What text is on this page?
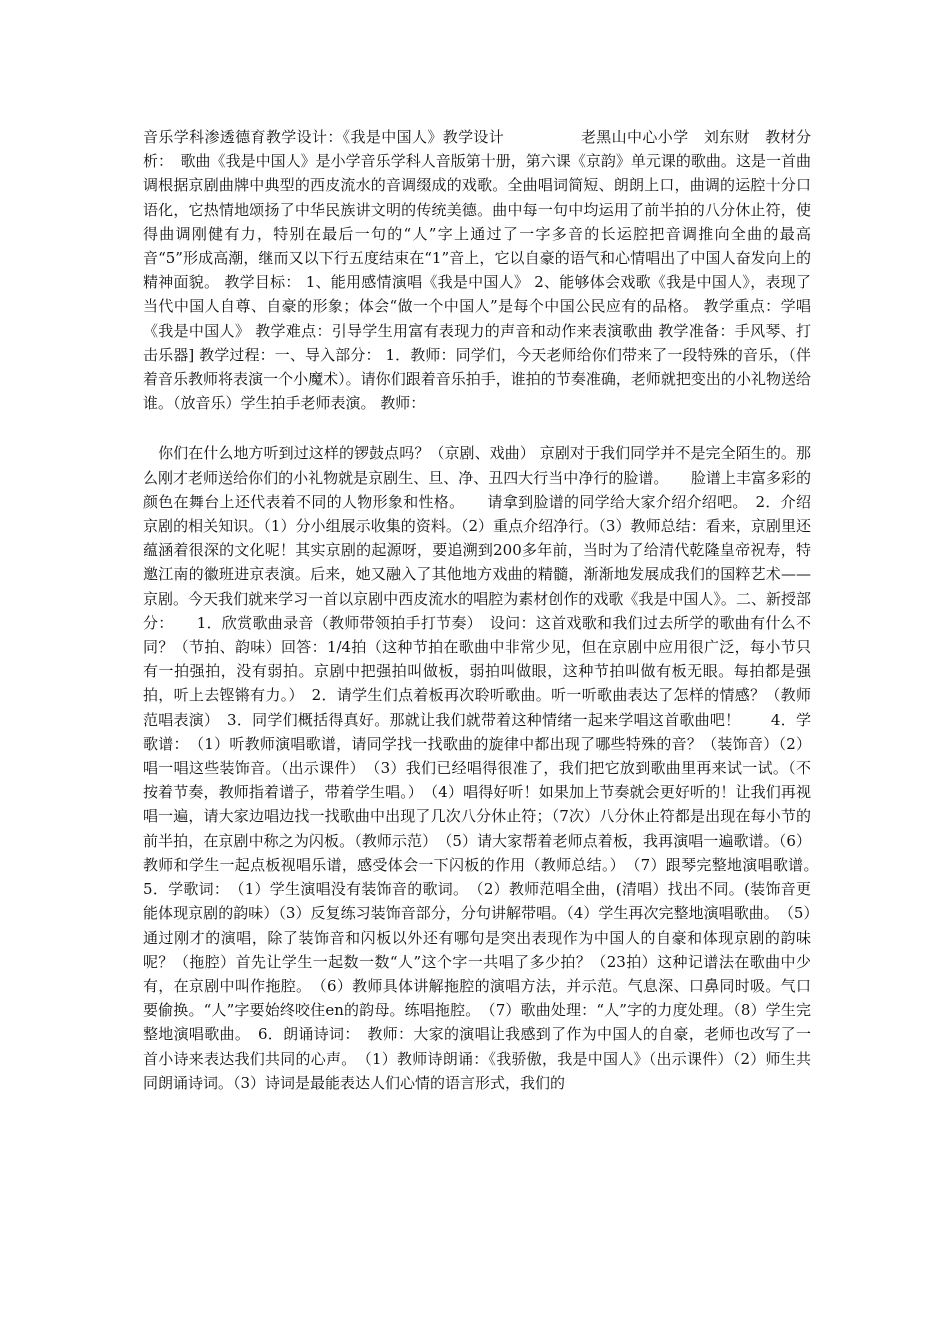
音乐学科渗透德育教学设计：《我是中国人》教学设计　　　　　老黑山中心小学　刘东财　教材分析：　歌曲《我是中国人》是小学音乐学科人音版第十册，第六课《京韵》单元课的歌曲。这是一首曲调根据京剧曲牌中典型的西皮流水的音调缀成的戏歌。全曲唱词简短、朗朗上口，曲调的运腔十分口语化，它热情地颂扬了中华民族讲文明的传统美德。曲中每一句中均运用了前半拍的八分休止符，使得曲调刚健有力，特别在最后一句的“人”字上通过了一字多音的长运腔把音调推向全曲的最高音“5”形成高潮，继而又以下行五度结束在“1”音上，它以自豪的语气和心情唱出了中国人奋发向上的精神面貌。 教学目标： 1、能用感情演唱《我是中国人》 2、能够体会戏歌《我是中国人》，表现了当代中国人自尊、自豪的形象；体会“做一个中国人”是每个中国公民应有的品格。 教学重点：学唱《我是中国人》 教学难点：引导学生用富有表现力的声音和动作来表演歌曲 教学准备：手风琴、打击乐器] 教学过程：一、导入部分： 1．教师：同学们，今天老师给你们带来了一段特殊的音乐，（伴着音乐教师将表演一个小魔术）。请你们跟着音乐拍手，谁拍的节奏准确，老师就把变出的小礼物送给谁。（放音乐）学生拍手老师表演。 教师：

　你们在什么地方听到过这样的锣鼓点吗？（京剧、戏曲） 京剧对于我们同学并不是完全陌生的。那么刚才老师送给你们的小礼物就是京剧生、旦、净、丑四大行当中净行的脸谱。　　脸谱上丰富多彩的颜色在舞台上还代表着不同的人物形象和性格。　　请拿到脸谱的同学给大家介绍介绍吧。　2．介绍京剧的相关知识。（1）分小组展示收集的资料。（2）重点介绍净行。（3）教师总结：看来，京剧里还蕴涵着很深的文化呢！其实京剧的起源呀，要追溯到200多年前，当时为了给清代乾隆皇帝祝寿，特邀江南的徽班进京表演。后来，她又融入了其他地方戏曲的精髓，渐渐地发展成我们的国粹艺术——京剧。今天我们就来学习一首以京剧中西皮流水的唱腔为素材创作的戏歌《我是中国人》。二、新授部分：　　1．欣赏歌曲录音（教师带领拍手打节奏）　设问：这首戏歌和我们过去所学的歌曲有什么不同？（节拍、韵味）回答：1/4拍（这种节拍在歌曲中非常少见，但在京剧中应用很广泛，每小节只有一拍强拍，没有弱拍。京剧中把强拍叫做板，弱拍叫做眼，这种节拍叫做有板无眼。每拍都是强拍，听上去铿锵有力。）　2．请学生们点着板再次聆听歌曲。听一听歌曲表达了怎样的情感？（教师范唱表演）　3．同学们概括得真好。那就让我们就带着这种情绪一起来学唱这首歌曲吧！　　4．学歌谱：　（1）听教师演唱歌谱，请同学找一找歌曲的旋律中都出现了哪些特殊的音？（装饰音）（2）唱一唱这些装饰音。（出示课件）　（3）我们已经唱得很准了，我们把它放到歌曲里再来试一试。（不按着节奏，教师指着谱子，带着学生唱。）　（4）唱得好听！如果加上节奏就会更好听的！让我们再视唱一遍，请大家边唱边找一找歌曲中出现了几次八分休止符；（7次）八分休止符都是出现在每小节的前半拍，在京剧中称之为闪板。（教师示范）　（5）请大家帮着老师点着板，我再演唱一遍歌谱。（6）教师和学生一起点板视唱乐谱，感受体会一下闪板的作用（教师总结。）　（7）跟琴完整地演唱歌谱。　5．学歌词：　（1）学生演唱没有装饰音的歌词。　（2）教师范唱全曲，(清唱）找出不同。(装饰音更能体现京剧的韵味）（3）反复练习装饰音部分，分句讲解带唱。（4）学生再次完整地演唱歌曲。　（5）通过刚才的演唱，除了装饰音和闪板以外还有哪句是突出表现作为中国人的自豪和体现京剧的韵味呢？（拖腔）首先让学生一起数一数“人”这个字一共唱了多少拍？（23拍）这种记谱法在歌曲中少有，在京剧中叫作拖腔。　（6）教师具体讲解拖腔的演唱方法，并示范。气息深、口鼻同时吸。气口要偷换。“人”字要始终咬住en的韵母。练唱拖腔。　（7）歌曲处理：“人”字的力度处理。（8）学生完整地演唱歌曲。　6．朗诵诗词：　教师：大家的演唱让我感到了作为中国人的自豪，老师也改写了一首小诗来表达我们共同的心声。　（1）教师诗朗诵：《我骄傲，我是中国人》（出示课件）（2）师生共同朗诵诗词。（3）诗词是最能表达人们心情的语言形式，我们的
